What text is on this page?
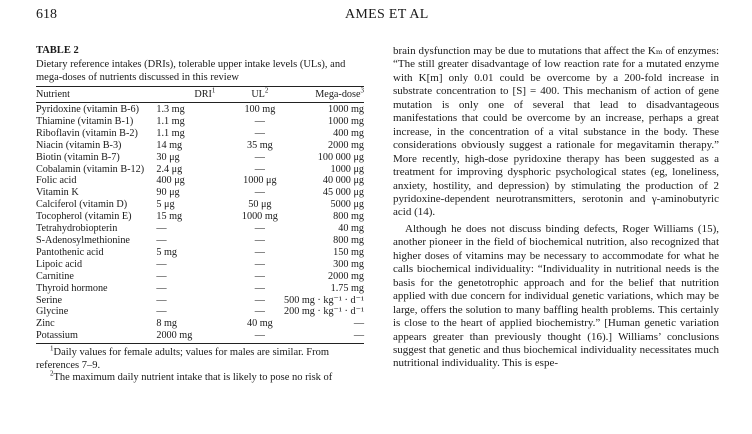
618	AMES ET AL
TABLE 2
Dietary reference intakes (DRIs), tolerable upper intake levels (ULs), and mega-doses of nutrients discussed in this review
Nutrient	DRI$^1$	$UL^2$	Mega-dose$^3$

Pyridoxine (vitamin B-6)	1.3 mg	100 mg	1000 mg
Thiamine (vitamin B-1)	1.1 mg	—	1000 mg
Riboflavin (vitamin B-2)	1.1 mg	—	400 mg
Niacin (vitamin B-3)	14 mg	35 mg	2000 mg
Biotin (vitamin B-7)	30 μg	—	100 000 μg
Cobalamin (vitamin B-12)	2.4 μg	—	1000 μg
Folic acid	400 μg	1000 μg	40 000 μg
Vitamin K	90 μg	—	45 000 μg
Calciferol (vitamin D)	5 μg	50 μg	5000 μg
Tocopherol (vitamin E)	15 mg	1000 mg	800 mg
Tetrahydrobiopterin	—	—	40 mg
S-Adenosylmethionine	—	—	800 mg
Pantothenic acid	5 mg	—	150 mg
Lipoic acid	—	—	300 mg
Carnitine	—	—	2000 mg
Thyroid hormone	—	—	1.75 mg
Serine	—	—	500 mg · kg⁻¹ · d⁻¹
Glycine	—	—	200 mg · kg⁻¹ · d⁻¹
Zinc	8 mg	40 mg	—
Potassium	2000 mg	—	—

$^1$Daily values for female adults; values for males are similar. From references 7–9.

$^2$The maximum daily nutrient intake that is likely to pose no risk of

brain dysfunction may be due to mutations that affect the Kₘ of enzymes: “The still greater disadvantage of low reaction rate for a mutated enzyme with K[m] only 0.01 could be overcome by a 200-fold increase in substrate concentration to [S] = 400. This mechanism of action of gene mutation is only one of several that lead to disadvantageous manifestations that could be overcome by an increase, perhaps a great increase, in the concentration of a vital substance in the body. These considerations obviously suggest a rationale for megavitamin therapy.” More recently, high-dose pyridoxine therapy has been suggested as a treatment for improving dysphoric psychological states (eg, loneliness, anxiety, hostility, and depression) by stimulating the production of 2 pyridoxine-dependent neurotransmitters, serotonin and γ-aminobutyric acid (14).

Although he does not discuss binding defects, Roger Williams (15), another pioneer in the field of biochemical nutrition, also recognized that higher doses of vitamins may be necessary to accommodate for what he calls biochemical individuality: “Individuality in nutritional needs is the basis for the genetotrophic approach and for the belief that nutrition applied with due concern for individual genetic variations, which may be large, offers the solution to many baffling health problems. This certainly is close to the heart of applied biochemistry.” [Human genetic variation appears greater than previously thought (16).] Williams’ conclusions suggest that genetic and thus biochemical individuality necessitates much nutritional individuality. This is espe-
